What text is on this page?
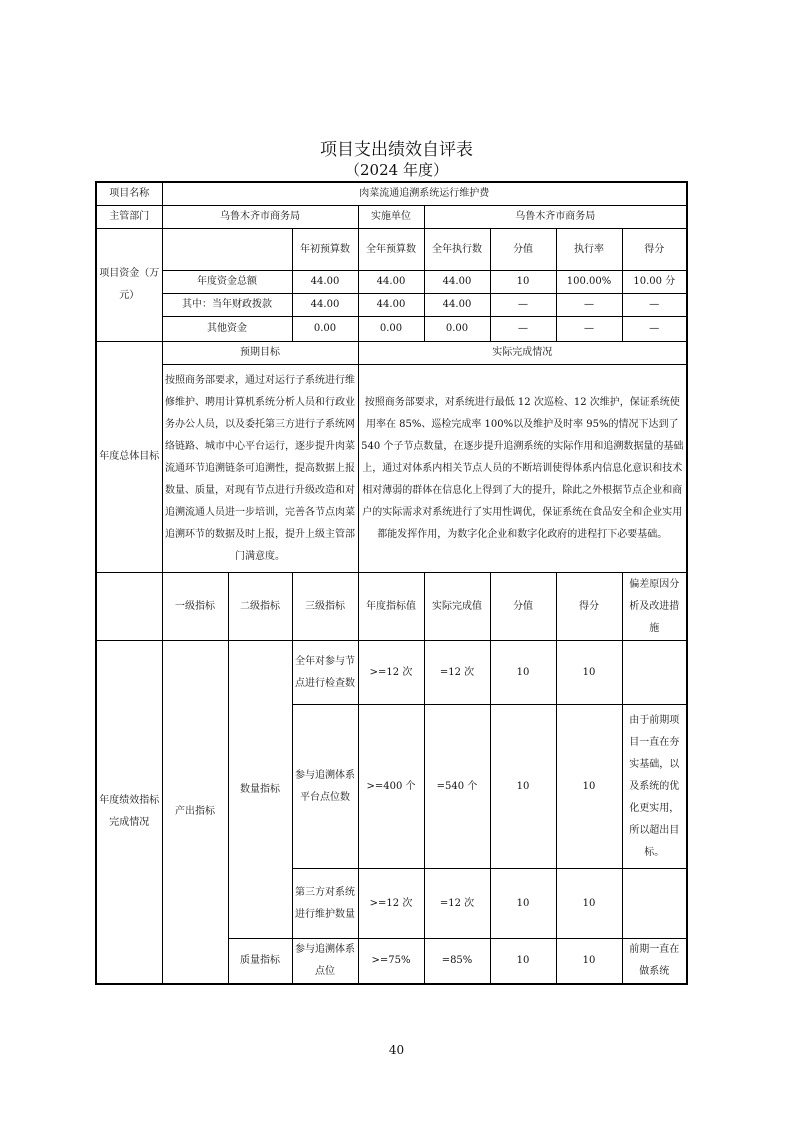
项目支出绩效自评表
（2024 年度）
项目名称	肉菜流通追溯系统运行维护费							
主管部门	乌鲁木齐市商务局			实施单位	乌鲁木齐市商务局			
项目资金（万元）			年初预算数	全年预算数	全年执行数	分值	执行率	得分
	年度资金总额		44.00	44.00	44.00	10	100.00%	10.00 分
	其中：当年财政拨款		44.00	44.00	44.00	—	—	—
	其他资金		0.00	0.00	0.00	—	—	—
年度总体目标	预期目标			实际完成情况				
	按照商务部要求，通过对运行子系统进行维修维护、聘用计算机系统分析人员和行政业务办公人员，以及委托第三方进行子系统网络链路、城市中心平台运行，逐步提升肉菜流通环节追溯链条可追溯性，提高数据上报数量、质量，对现有节点进行升级改造和对追溯流通人员进一步培训，完善各节点肉菜追溯环节的数据及时上报，提升上级主管部门满意度。			按照商务部要求，对系统进行最低 12 次巡检、12 次维护，保证系统使用率在 85%、巡检完成率 100%以及维护及时率 95%的情况下达到了 540 个子节点数量，在逐步提升追溯系统的实际作用和追溯数据量的基础上，通过对体系内相关节点人员的不断培训使得体系内信息化意识和技术相对薄弱的群体在信息化上得到了大的提升，除此之外根据节点企业和商户的实际需求对系统进行了实用性调优，保证系统在食品安全和企业实用都能发挥作用，为数字化企业和数字化政府的进程打下必要基础。				
	一级指标	二级指标	三级指标	年度指标值	实际完成值	分值	得分	偏差原因分析及改进措施
年度绩效指标完成情况	产出指标	数量指标	全年对参与节点进行检查数	>=12 次	=12 次	10	10	
			参与追溯体系平台点位数	>=400 个	=540 个	10	10	由于前期项目一直在夯实基础，以及系统的优化更实用，所以超出目标。
			第三方对系统进行维护数量	>=12 次	=12 次	10	10	
		质量指标	参与追溯体系点位	>=75%	=85%	10	10	前期一直在做系统
40
